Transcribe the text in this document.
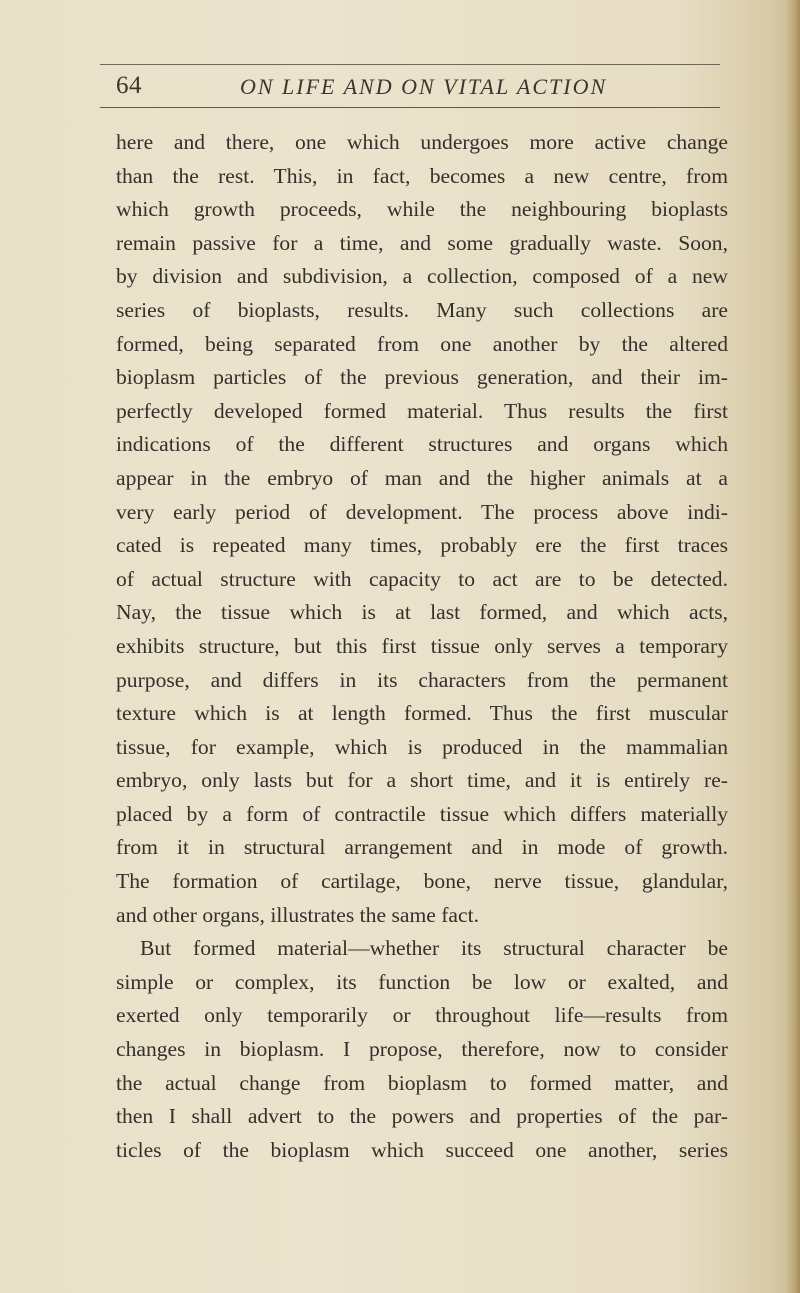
64	ON LIFE AND ON VITAL ACTION
here and there, one which undergoes more active change
than the rest. This, in fact, becomes a new centre, from
which growth proceeds, while the neighbouring bioplasts
remain passive for a time, and some gradually waste. Soon,
by division and subdivision, a collection, composed of a new
series of bioplasts, results. Many such collections are
formed, being separated from one another by the altered
bioplasm particles of the previous generation, and their im-
perfectly developed formed material. Thus results the first
indications of the different structures and organs which
appear in the embryo of man and the higher animals at a
very early period of development. The process above indi-
cated is repeated many times, probably ere the first traces
of actual structure with capacity to act are to be detected.
Nay, the tissue which is at last formed, and which acts,
exhibits structure, but this first tissue only serves a temporary
purpose, and differs in its characters from the permanent
texture which is at length formed. Thus the first muscular
tissue, for example, which is produced in the mammalian
embryo, only lasts but for a short time, and it is entirely re-
placed by a form of contractile tissue which differs materially
from it in structural arrangement and in mode of growth.
The formation of cartilage, bone, nerve tissue, glandular,
and other organs, illustrates the same fact.
But formed material—whether its structural character be
simple or complex, its function be low or exalted, and
exerted only temporarily or throughout life—results from
changes in bioplasm. I propose, therefore, now to consider
the actual change from bioplasm to formed matter, and
then I shall advert to the powers and properties of the par-
ticles of the bioplasm which succeed one another, series
